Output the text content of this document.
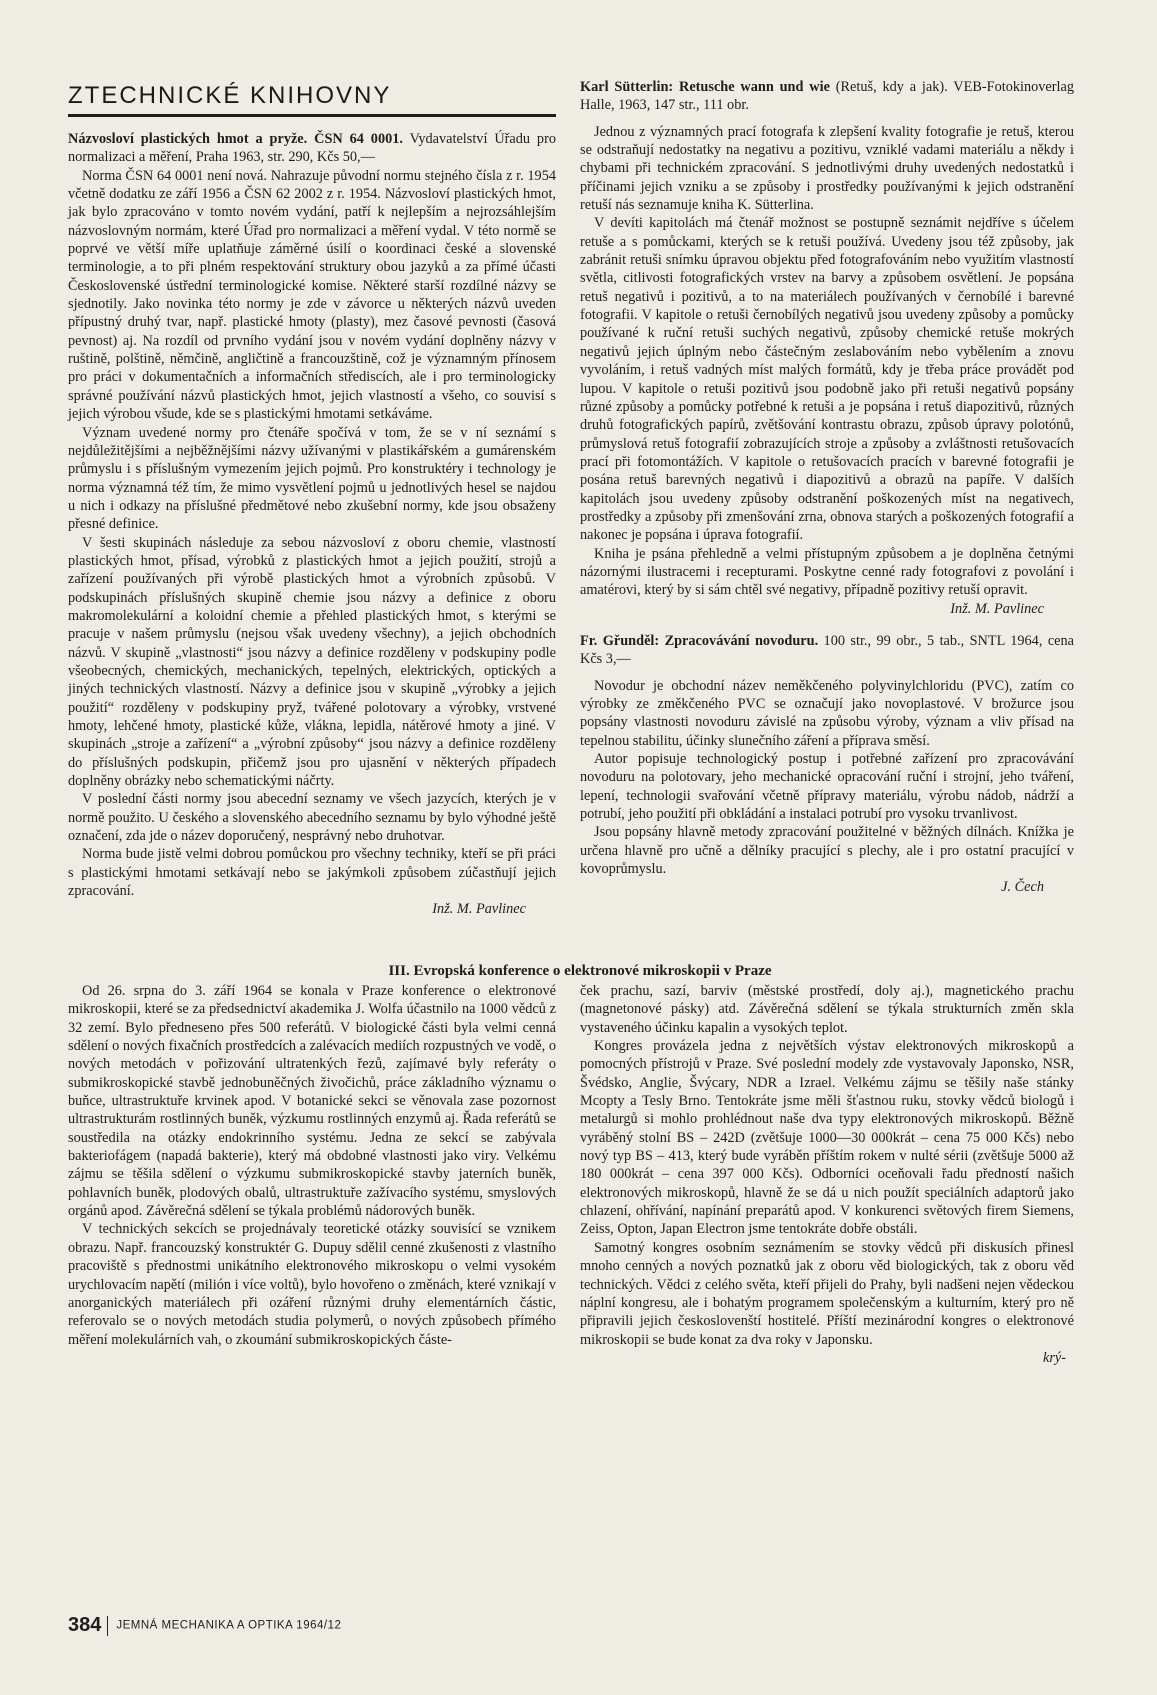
ZTECHNICKÉ KNIHOVNY

Názvosloví plastických hmot a pryže. ČSN 64 0001. Vydavatelství Úřadu pro normalizaci a měření, Praha 1963, str. 290, Kčs 50,—

Norma ČSN 64 0001 není nová. Nahrazuje původní normu stejného čísla z r. 1954 včetně dodatku ze září 1956 a ČSN 62 2002 z r. 1954. Názvosloví plastických hmot, jak bylo zpracováno v tomto novém vydání, patří k nejlepším a nejrozsáhlejším názvoslovným normám, které Úřad pro normalizaci a měření vydal. V této normě se poprvé ve větší míře uplatňuje záměrné úsilí o koordinaci české a slovenské terminologie, a to při plném respektování struktury obou jazyků a za přímé účasti Československé ústřední terminologické komise. Některé starší rozdílné názvy se sjednotily. Jako novinka této normy je zde v závorce u některých názvů uveden přípustný druhý tvar, např. plastické hmoty (plasty), mez časové pevnosti (časová pevnost) aj. Na rozdíl od prvního vydání jsou v novém vydání doplněny názvy v ruštině, polštině, němčině, angličtině a francouzštině, což je významným přínosem pro práci v dokumentačních a informačních střediscích, ale i pro terminologicky správné používání názvů plastických hmot, jejich vlastností a všeho, co souvisí s jejich výrobou všude, kde se s plastickými hmotami setkáváme.

Význam uvedené normy pro čtenáře spočívá v tom, že se v ní seznámí s nejdůležitějšími a nejběžnějšími názvy užívanými v plastikářském a gumárenském průmyslu i s příslušným vymezením jejich pojmů. Pro konstruktéry i technology je norma významná též tím, že mimo vysvětlení pojmů u jednotlivých hesel se najdou u nich i odkazy na příslušné předmětové nebo zkušební normy, kde jsou obsaženy přesné definice.

V šesti skupinách následuje za sebou názvosloví z oboru chemie, vlastností plastických hmot, přísad, výrobků z plastických hmot a jejich použití, strojů a zařízení používaných při výrobě plastických hmot a výrobních způsobů. V podskupinách příslušných skupině chemie jsou názvy a definice z oboru makromolekulární a koloidní chemie a přehled plastických hmot, s kterými se pracuje v našem průmyslu (nejsou však uvedeny všechny), a jejich obchodních názvů. V skupině „vlastnosti“ jsou názvy a definice rozděleny v podskupiny podle všeobecných, chemických, mechanických, tepelných, elektrických, optických a jiných technických vlastností. Názvy a definice jsou v skupině „výrobky a jejich použití“ rozděleny v podskupiny pryž, tvářené polotovary a výrobky, vrstvené hmoty, lehčené hmoty, plastické kůže, vlákna, lepidla, nátěrové hmoty a jiné. V skupinách „stroje a zařízení“ a „výrobní způsoby“ jsou názvy a definice rozděleny do příslušných podskupin, přičemž jsou pro ujasnění v některých případech doplněny obrázky nebo schematickými náčrty.

V poslední části normy jsou abecední seznamy ve všech jazycích, kterých je v normě použito. U českého a slovenského abecedního seznamu by bylo výhodné ještě označení, zda jde o název doporučený, nesprávný nebo druhotvar.

Norma bude jistě velmi dobrou pomůckou pro všechny techniky, kteří se při práci s plastickými hmotami setkávají nebo se jakýmkoli způsobem zúčastňují jejich zpracování.

Inž. M. Pavlinec

Karl Sütterlin: Retusche wann und wie (Retuš, kdy a jak). VEB-Fotokinoverlag Halle, 1963, 147 str., 111 obr.

Jednou z významných prací fotografa k zlepšení kvality fotografie je retuš, kterou se odstraňují nedostatky na negativu a pozitivu, vzniklé vadami materiálu a někdy i chybami při technickém zpracování. S jednotlivými druhy uvedených nedostatků i příčinami jejich vzniku a se způsoby i prostředky používanými k jejich odstranění retuší nás seznamuje kniha K. Sütterlina.

V devíti kapitolách má čtenář možnost se postupně seznámit nejdříve s účelem retuše a s pomůckami, kterých se k retuši používá. Uvedeny jsou též způsoby, jak zabránit retuši snímku úpravou objektu před fotografováním nebo využitím vlastností světla, citlivosti fotografických vrstev na barvy a způsobem osvětlení. Je popsána retuš negativů i pozitivů, a to na materiálech používaných v černobílé i barevné fotografii. V kapitole o retuši černobílých negativů jsou uvedeny způsoby a pomůcky používané k ruční retuši suchých negativů, způsoby chemické retuše mokrých negativů jejich úplným nebo částečným zeslabováním nebo vybělením a znovu vyvoláním, i retuš vadných míst malých formátů, kdy je třeba práce provádět pod lupou. V kapitole o retuši pozitivů jsou podobně jako při retuši negativů popsány různé způsoby a pomůcky potřebné k retuši a je popsána i retuš diapozitivů, různých druhů fotografických papírů, zvětšování kontrastu obrazu, způsob úpravy polotónů, průmyslová retuš fotografií zobrazujících stroje a způsoby a zvláštnosti retušovacích prací při fotomontážích. V kapitole o retušovacích pracích v barevné fotografii je posána retuš barevných negativů i diapozitivů a obrazů na papíře. V dalších kapitolách jsou uvedeny způsoby odstranění poškozených míst na negativech, prostředky a způsoby při zmenšování zrna, obnova starých a poškozených fotografií a nakonec je popsána i úprava fotografií.

Kniha je psána přehledně a velmi přístupným způsobem a je doplněna četnými názornými ilustracemi i recepturami. Poskytne cenné rady fotografovi z povolání i amatérovi, který by si sám chtěl své negativy, případně pozitivy retuší opravit.

Inž. M. Pavlinec

Fr. Gřunděl: Zpracovávání novoduru. 100 str., 99 obr., 5 tab., SNTL 1964, cena Kčs 3,—

Novodur je obchodní název neměkčeného polyvinylchloridu (PVC), zatím co výrobky ze změkčeného PVC se označují jako novoplastové. V brožurce jsou popsány vlastnosti novoduru závislé na způsobu výroby, význam a vliv přísad na tepelnou stabilitu, účinky slunečního záření a příprava směsí.

Autor popisuje technologický postup i potřebné zařízení pro zpracovávání novoduru na polotovary, jeho mechanické opracování ruční i strojní, jeho tváření, lepení, technologii svařování včetně přípravy materiálu, výrobu nádob, nádrží a potrubí, jeho použití při obkládání a instalaci potrubí pro vysoku trvanlivost.

Jsou popsány hlavně metody zpracování použitelné v běžných dílnách. Knížka je určena hlavně pro učně a dělníky pracující s plechy, ale i pro ostatní pracující v kovoprůmyslu.

J. Čech

III. Evropská konference o elektronové mikroskopii v Praze

Od 26. srpna do 3. září 1964 se konala v Praze konference o elektronové mikroskopii, které se za předsednictví akademika J. Wolfa účastnilo na 1000 vědců z 32 zemí. Bylo předneseno přes 500 referátů. V biologické části byla velmi cenná sdělení o nových fixačních prostředcích a zalévacích mediích rozpustných ve vodě, o nových metodách v pořizování ultratenkých řezů, zajímavé byly referáty o submikroskopické stavbě jednobuněčných živočichů, práce základního významu o buňce, ultrastruktuře krvinek apod. V botanické sekci se věnovala zase pozornost ultrastrukturám rostlinných buněk, výzkumu rostlinných enzymů aj. Řada referátů se soustředila na otázky endokrinního systému. Jedna ze sekcí se zabývala bakteriofágem (napadá bakterie), který má obdobné vlastnosti jako viry. Velkému zájmu se těšila sdělení o výzkumu submikroskopické stavby jaterních buněk, pohlavních buněk, plodových obalů, ultrastruktuře zažívacího systému, smyslových orgánů apod. Závěrečná sdělení se týkala problémů nádorových buněk.

V technických sekcích se projednávaly teoretické otázky souvisící se vznikem obrazu. Např. francouzský konstruktér G. Dupuy sdělil cenné zkušenosti z vlastního pracoviště s přednostmi unikátního elektronového mikroskopu o velmi vysokém urychlovacím napětí (milión i více voltů), bylo hovořeno o změnách, které vznikají v anorganických materiálech při ozáření různými druhy elementárních částic, referovalo se o nových metodách studia polymerů, o nových způsobech přímého měření molekulárních vah, o zkoumání submikroskopických částe-

ček prachu, sazí, barviv (městské prostředí, doly aj.), magnetického prachu (magnetonové pásky) atd. Závěrečná sdělení se týkala strukturních změn skla vystaveného účinku kapalin a vysokých teplot.

Kongres provázela jedna z největších výstav elektronových mikroskopů a pomocných přístrojů v Praze. Své poslední modely zde vystavovaly Japonsko, NSR, Švédsko, Anglie, Švýcary, NDR a Izrael. Velkému zájmu se těšily naše stánky Mcopty a Tesly Brno. Tentokráte jsme měli šťastnou ruku, stovky vědců biologů i metalurgů si mohlo prohlédnout naše dva typy elektronových mikroskopů. Běžně vyráběný stolní BS – 242D (zvětšuje 1000—30 000krát – cena 75 000 Kčs) nebo nový typ BS – 413, který bude vyráběn příštím rokem v nulté sérii (zvětšuje 5000 až 180 000krát – cena 397 000 Kčs). Odborníci oceňovali řadu předností našich elektronových mikroskopů, hlavně že se dá u nich použít speciálních adaptorů jako chlazení, ohřívání, napínání preparátů apod. V konkurenci světových firem Siemens, Zeiss, Opton, Japan Electron jsme tentokráte dobře obstáli.

Samotný kongres osobním seznámením se stovky vědců při diskusích přinesl mnoho cenných a nových poznatků jak z oboru věd biologických, tak z oboru věd technických. Vědci z celého světa, kteří přijeli do Prahy, byli nadšeni nejen vědeckou náplní kongresu, ale i bohatým programem společenským a kulturním, který pro ně připravili jejich českoslovenští hostitelé. Příští mezinárodní kongres o elektronové mikroskopii se bude konat za dva roky v Japonsku.

krý-

384 JEMNÁ MECHANIKA A OPTIKA 1964/12
